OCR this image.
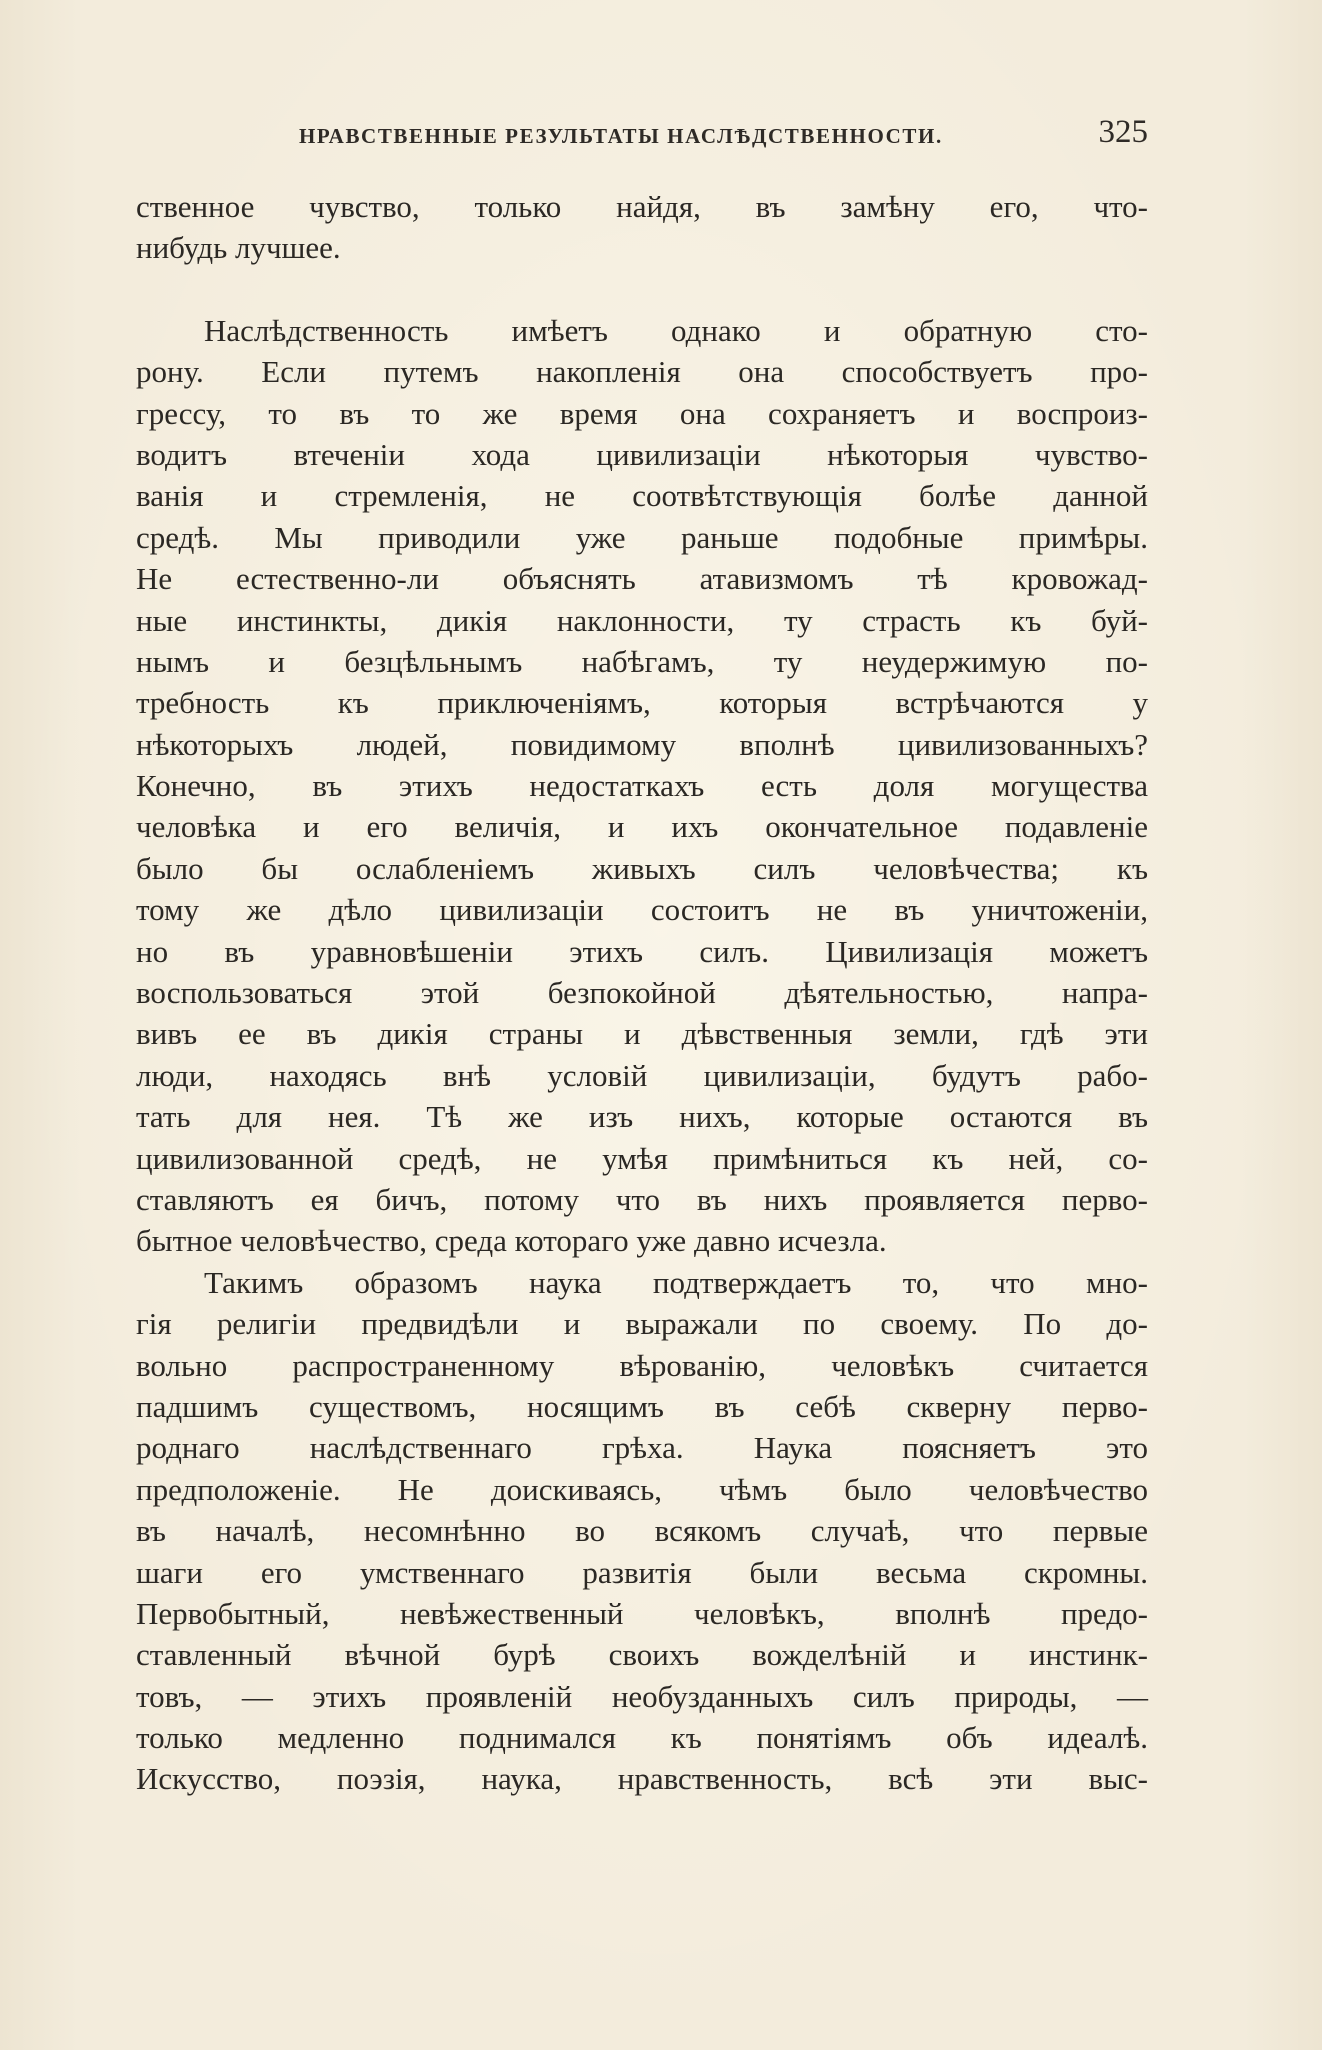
НРАВСТВЕННЫЕ РЕЗУЛЬТАТЫ НАСЛѢДСТВЕННОСТИ.	325
ственное чувство, только найдя, въ замѣну его, что-
нибудь лучшее.
Наслѣдственность имѣетъ однако и обратную сто-
рону. Если путемъ накопленія она способствуетъ про-
грессу, то въ то же время она сохраняетъ и воспроиз-
водитъ втеченіи хода цивилизаціи нѣкоторыя чувство-
ванія и стремленія, не соотвѣтствующія болѣе данной
средѣ. Мы приводили уже раньше подобные примѣры.
Не естественно-ли объяснять атавизмомъ тѣ кровожад-
ные инстинкты, дикія наклонности, ту страсть къ буй-
нымъ и безцѣльнымъ набѣгамъ, ту неудержимую по-
требность къ приключеніямъ, которыя встрѣчаются у
нѣкоторыхъ людей, повидимому вполнѣ цивилизованныхъ?
Конечно, въ этихъ недостаткахъ есть доля могущества
человѣка и его величія, и ихъ окончательное подавленіе
было бы ослабленіемъ живыхъ силъ человѣчества; къ
тому же дѣло цивилизаціи состоитъ не въ уничтоженіи,
но въ уравновѣшеніи этихъ силъ. Цивилизація можетъ
воспользоваться этой безпокойной дѣятельностью, напра-
вивъ ее въ дикія страны и дѣвственныя земли, гдѣ эти
люди, находясь внѣ условій цивилизаціи, будутъ рабо-
тать для нея. Тѣ же изъ нихъ, которые остаются въ
цивилизованной средѣ, не умѣя примѣниться къ ней, со-
ставляютъ ея бичъ, потому что въ нихъ проявляется перво-
бытное человѣчество, среда котораго уже давно исчезла.
Такимъ образомъ наука подтверждаетъ то, что мно-
гія религіи предвидѣли и выражали по своему. По до-
вольно распространенному вѣрованію, человѣкъ считается
падшимъ существомъ, носящимъ въ себѣ скверну перво-
роднаго наслѣдственнаго грѣха. Наука поясняетъ это
предположеніе. Не доискиваясь, чѣмъ было человѣчество
въ началѣ, несомнѣнно во всякомъ случаѣ, что первые
шаги его умственнаго развитія были весьма скромны.
Первобытный, невѣжественный человѣкъ, вполнѣ предо-
ставленный вѣчной бурѣ своихъ вожделѣній и инстинк-
товъ, — этихъ проявленій необузданныхъ силъ природы, —
только медленно поднимался къ понятіямъ объ идеалѣ.
Искусство, поэзія, наука, нравственность, всѣ эти выс-
